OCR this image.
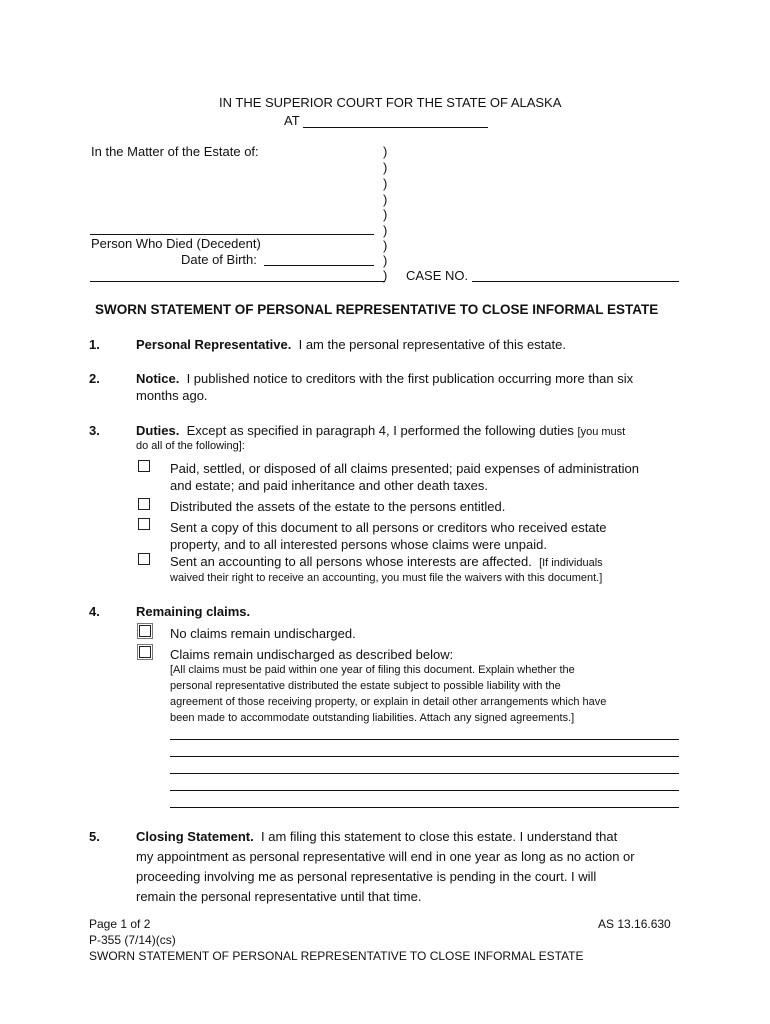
IN THE SUPERIOR COURT FOR THE STATE OF ALASKA
AT
In the Matter of the Estate of:
Person Who Died (Decedent)
Date of Birth:
)
)
)
)
)
)
)
)
) CASE NO.
SWORN STATEMENT OF PERSONAL REPRESENTATIVE TO CLOSE INFORMAL ESTATE
1.	Personal Representative. I am the personal representative of this estate.
2.	Notice. I published notice to creditors with the first publication occurring more than six
months ago.
3.	Duties. Except as specified in paragraph 4, I performed the following duties [you must
do all of the following]:
Paid, settled, or disposed of all claims presented; paid expenses of administration
and estate; and paid inheritance and other death taxes.
Distributed the assets of the estate to the persons entitled.
Sent a copy of this document to all persons or creditors who received estate
property, and to all interested persons whose claims were unpaid.
Sent an accounting to all persons whose interests are affected. [If individuals
waived their right to receive an accounting, you must file the waivers with this document.]
4.	Remaining claims.
No claims remain undischarged.
Claims remain undischarged as described below:
[All claims must be paid within one year of filing this document. Explain whether the
personal representative distributed the estate subject to possible liability with the
agreement of those receiving property, or explain in detail other arrangements which have
been made to accommodate outstanding liabilities. Attach any signed agreements.]
5.	Closing Statement. I am filing this statement to close this estate. I understand that
my appointment as personal representative will end in one year as long as no action or
proceeding involving me as personal representative is pending in the court. I will
remain the personal representative until that time.
Page 1 of 2	AS 13.16.630
P-355 (7/14)(cs)
SWORN STATEMENT OF PERSONAL REPRESENTATIVE TO CLOSE INFORMAL ESTATE
